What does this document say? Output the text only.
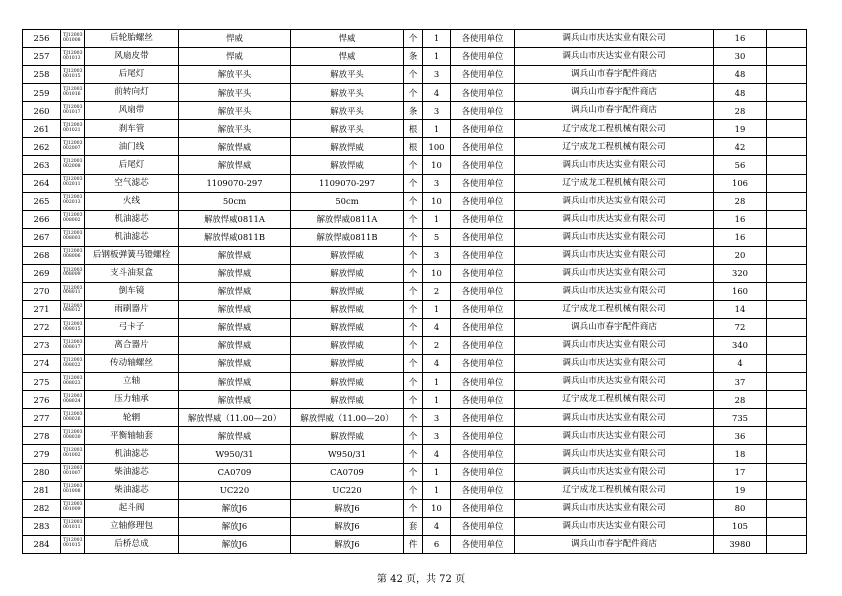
256	TJ12003 001008	后轮胎螺丝	悍威	悍威	个	1	各使用单位	调兵山市庆达实业有限公司	16	
257	TJ12003 001013	风扇皮带	悍威	悍威	条	1	各使用单位	调兵山市庆达实业有限公司	30	
258	TJ12003 001015	后尾灯	解放平头	解放平头	个	3	各使用单位	调兵山市春宇配件商店	48	
259	TJ12003 001016	前转向灯	解放平头	解放平头	个	4	各使用单位	调兵山市春宇配件商店	48	
260	TJ12003 001017	风扇带	解放平头	解放平头	条	3	各使用单位	调兵山市春宇配件商店	28	
261	TJ12003 001021	刹车管	解放平头	解放平头	根	1	各使用单位	辽宁成龙工程机械有限公司	19	
262	TJ12003 002007	油门线	解放悍威	解放悍威	根	100	各使用单位	辽宁成龙工程机械有限公司	42	
263	TJ12003 002008	后尾灯	解放悍威	解放悍威	个	10	各使用单位	调兵山市庆达实业有限公司	56	
264	TJ12003 002011	空气滤芯	1109070-297	1109070-297	个	3	各使用单位	辽宁成龙工程机械有限公司	106	
265	TJ12003 002013	火线	50cm	50cm	个	10	各使用单位	调兵山市庆达实业有限公司	28	
266	TJ12003 008002	机油滤芯	解放悍威0811A	解放悍威0811A	个	1	各使用单位	调兵山市庆达实业有限公司	16	
267	TJ12003 008003	机油滤芯	解放悍威0811B	解放悍威0811B	个	5	各使用单位	调兵山市庆达实业有限公司	16	
268	TJ12003 008006	后钢板弹簧马镫螺栓	解放悍威	解放悍威	个	3	各使用单位	调兵山市庆达实业有限公司	20	
269	TJ12003 008009	支斗油泵盒	解放悍威	解放悍威	个	10	各使用单位	调兵山市庆达实业有限公司	320	
270	TJ12003 008011	倒车镜	解放悍威	解放悍威	个	2	各使用单位	调兵山市庆达实业有限公司	160	
271	TJ12003 008012	雨刷器片	解放悍威	解放悍威	个	1	各使用单位	辽宁成龙工程机械有限公司	14	
272	TJ12003 008015	弓卡子	解放悍威	解放悍威	个	4	各使用单位	调兵山市春宇配件商店	72	
273	TJ12003 008017	离合器片	解放悍威	解放悍威	个	2	各使用单位	调兵山市庆达实业有限公司	340	
274	TJ12003 008022	传动轴螺丝	解放悍威	解放悍威	个	4	各使用单位	调兵山市庆达实业有限公司	4	
275	TJ12003 008023	立轴	解放悍威	解放悍威	个	1	各使用单位	调兵山市庆达实业有限公司	37	
276	TJ12003 008024	压力轴承	解放悍威	解放悍威	个	1	各使用单位	辽宁成龙工程机械有限公司	28	
277	TJ12003 008026	轮辋	解放悍威（11.00—20）	解放悍威（11.00—20）	个	3	各使用单位	调兵山市庆达实业有限公司	735	
278	TJ12003 008030	平衡轴轴套	解放悍威	解放悍威	个	3	各使用单位	调兵山市庆达实业有限公司	36	
279	TJ12003 001002	机油滤芯	W950/31	W950/31	个	4	各使用单位	调兵山市庆达实业有限公司	18	
280	TJ12003 001007	柴油滤芯	CA0709	CA0709	个	1	各使用单位	调兵山市庆达实业有限公司	17	
281	TJ12003 001008	柴油滤芯	UC220	UC220	个	1	各使用单位	辽宁成龙工程机械有限公司	19	
282	TJ12003 001009	起斗阀	解放J6	解放J6	个	10	各使用单位	调兵山市庆达实业有限公司	80	
283	TJ12003 001011	立轴修理包	解放J6	解放J6	套	4	各使用单位	调兵山市庆达实业有限公司	105	
284	TJ12003 001015	后桥总成	解放J6	解放J6	件	6	各使用单位	调兵山市春宇配件商店	3980	
第 42 页，共 72 页
